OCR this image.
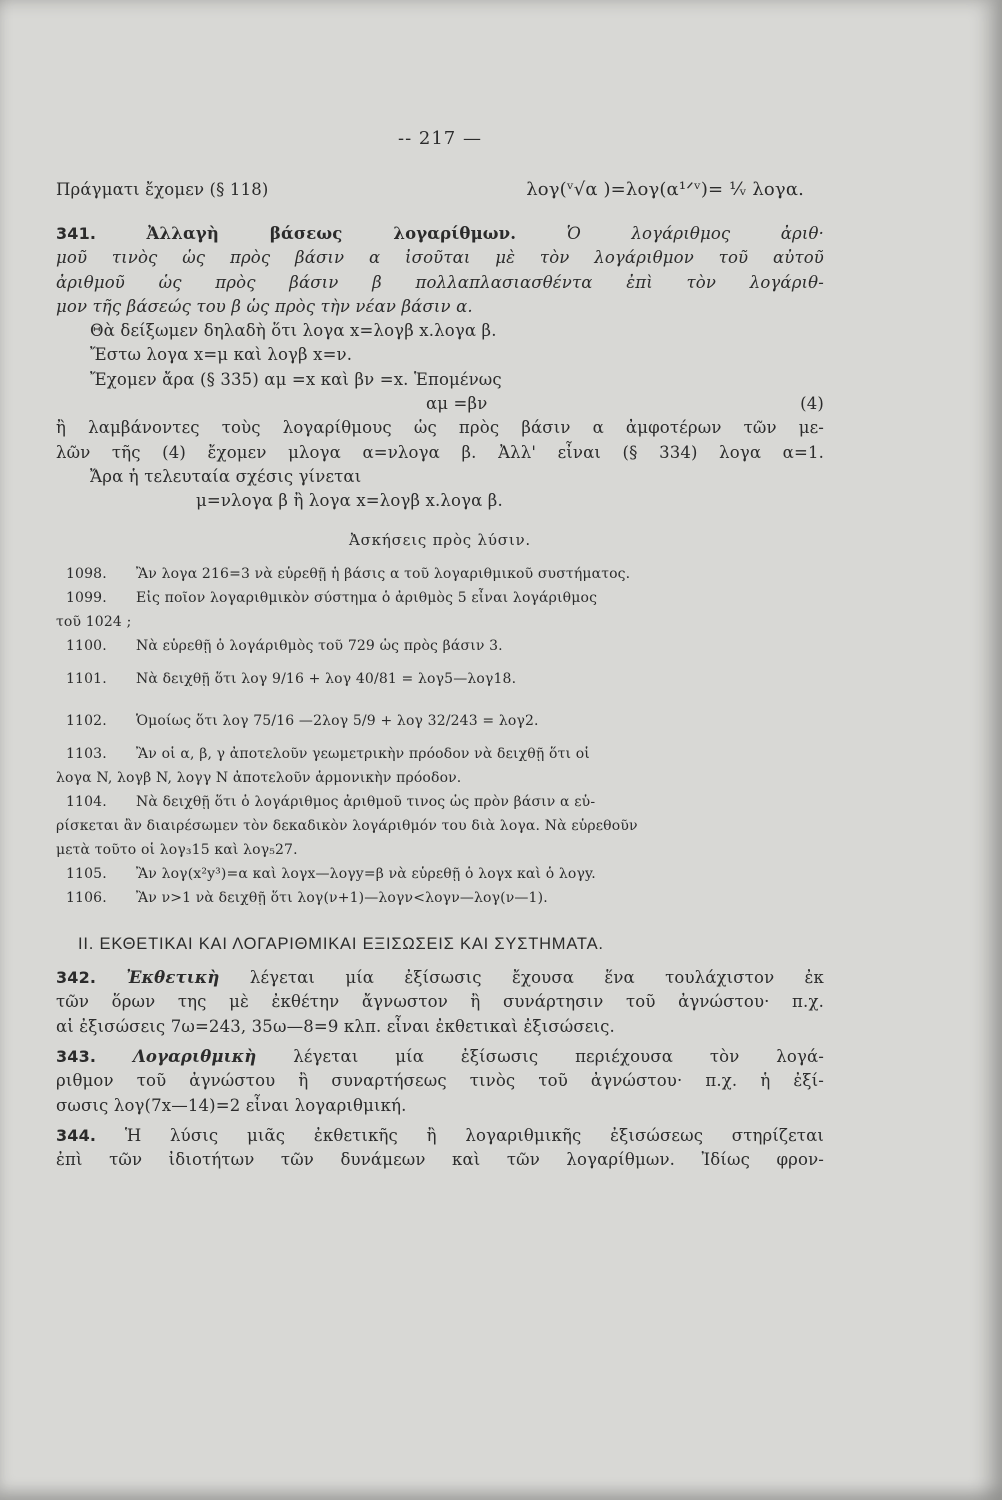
-- 217 —
Πράγματι ἔχομεν (§ 118)	λογ(ᵛ√α )=λογ(α¹ᐟᵛ)= ¹⁄ᵥ λογα.
341.	Ἀλλαγὴ βάσεως λογαρίθμων.	Ὁ λογάριθμος ἀριθ·
μοῦ τινὸς ὡς πρὸς βάσιν α ἰσοῦται μὲ τὸν λογάριθμον τοῦ αὐτοῦ
ἀριθμοῦ ὡς πρὸς βάσιν β πολλαπλασιασθέντα ἐπὶ τὸν λογάριθ-
μον τῆς βάσεώς του β ὡς πρὸς τὴν νέαν βάσιν α.
Θὰ δείξωμεν δηλαδὴ ὅτι λογα x=λογβ x.λογα β.
Ἔστω λογα x=μ καὶ λογβ x=ν.
Ἔχομεν ἄρα (§ 335) αμ =x καὶ βν =x. Ἑπομένως
αμ =βν	(4)
ἢ λαμβάνοντες τοὺς λογαρίθμους ὡς πρὸς βάσιν α ἀμφοτέρων τῶν με-
λῶν τῆς (4) ἔχομεν μλογα α=νλογα β. Ἀλλ' εἶναι (§ 334) λογα α=1.
Ἄρα ἡ τελευταία σχέσις γίνεται
μ=νλογα β ἢ λογα x=λογβ x.λογα β.
Ἀσκήσεις πρὸς λύσιν.
1098. Ἂν λογα 216=3 νὰ εὑρεθῇ ἡ βάσις α τοῦ λογαριθμικοῦ συστήματος.
1099. Εἰς ποῖον λογαριθμικὸν σύστημα ὁ ἀριθμὸς 5 εἶναι λογάριθμος
τοῦ 1024 ;
1100. Νὰ εὑρεθῇ ὁ λογάριθμὸς τοῦ 729 ὡς πρὸς βάσιν 3.
1101. Νὰ δειχθῇ ὅτι λογ 9/16 + λογ 40/81 = λογ5—λογ18.
1102. Ὁμοίως ὅτι λογ 75/16 —2λογ 5/9 + λογ 32/243 = λογ2.
1103. Ἂν οἱ α, β, γ ἀποτελοῦν γεωμετρικὴν πρόοδον νὰ δειχθῇ ὅτι οἱ
λογα N, λογβ N, λογγ N ἀποτελοῦν ἁρμονικὴν πρόοδον.
1104. Νὰ δειχθῇ ὅτι ὁ λογάριθμος ἀριθμοῦ τινος ὡς πρὸν βάσιν α εὑ-
ρίσκεται ἂν διαιρέσωμεν τὸν δεκαδικὸν λογάριθμόν του διὰ λογα. Νὰ εὑρεθοῦν
μετὰ τοῦτο οἱ λογ₃15 καὶ λογ₅27.
1105. Ἂν λογ(x²y³)=α καὶ λογx—λογy=β νὰ εὑρεθῇ ὁ λογx καὶ ὁ λογy.
1106. Ἂν ν>1 νὰ δειχθῇ ὅτι λογ(ν+1)—λογν<λογν—λογ(ν—1).
II. ΕΚΘΕΤΙΚΑΙ ΚΑΙ ΛΟΓΑΡΙΘΜΙΚΑΙ ΕΞΙΣΩΣΕΙΣ ΚΑΙ ΣΥΣΤΗΜΑΤΑ.
342. Ἐκθετικὴ λέγεται μία ἐξίσωσις ἔχουσα ἕνα τουλάχιστον ἐκ
τῶν ὅρων της μὲ ἐκθέτην ἄγνωστον ἢ συνάρτησιν τοῦ ἀγνώστου· π.χ.
αἱ ἐξισώσεις 7ω=243, 35ω—8=9 κλπ. εἶναι ἐκθετικαὶ ἐξισώσεις.
343. Λογαριθμικὴ λέγεται μία ἐξίσωσις περιέχουσα τὸν λογά-
ριθμον τοῦ ἀγνώστου ἢ συναρτήσεως τινὸς τοῦ ἀγνώστου· π.χ. ἡ ἐξί-
σωσις λογ(7x—14)=2 εἶναι λογαριθμική.
344. Ἡ λύσις μιᾶς ἐκθετικῆς ἢ λογαριθμικῆς ἐξισώσεως στηρίζεται
ἐπὶ τῶν ἰδιοτήτων τῶν δυνάμεων καὶ τῶν λογαρίθμων. Ἰδίως φρον-
